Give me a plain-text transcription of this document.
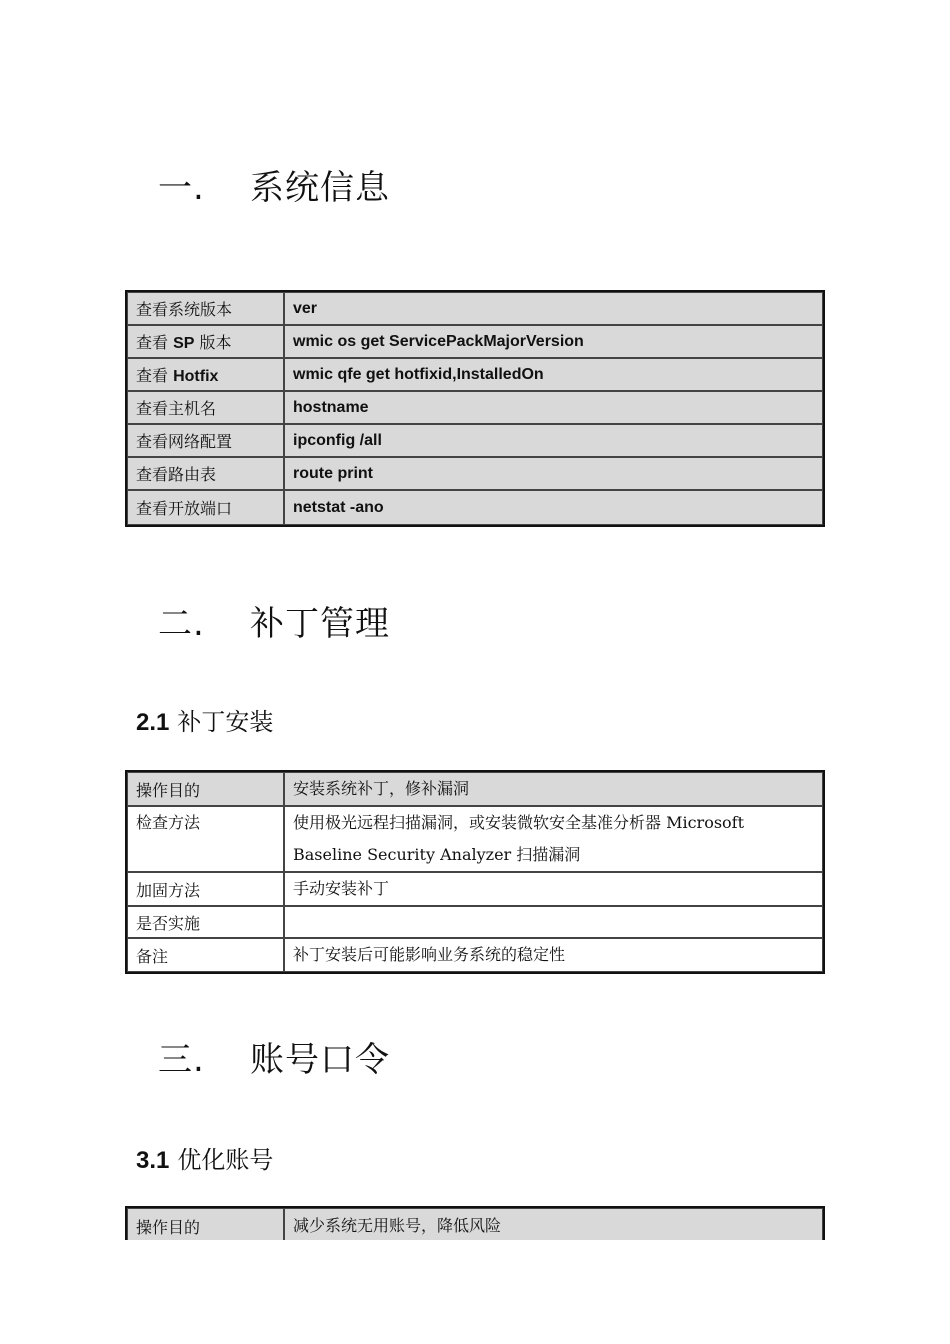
一. 系统信息
查看系统版本	ver
查看 SP 版本	wmic os get ServicePackMajorVersion
查看 Hotfix	wmic qfe get hotfixid,InstalledOn
查看主机名	hostname
查看网络配置	ipconfig /all
查看路由表	route print
查看开放端口	netstat -ano
二. 补丁管理
2.1 补丁安装
操作目的	安装系统补丁，修补漏洞
检查方法	使用极光远程扫描漏洞，或安装微软安全基准分析器 Microsoft Baseline Security Analyzer 扫描漏洞
加固方法	手动安装补丁
是否实施	
备注	补丁安装后可能影响业务系统的稳定性
三. 账号口令
3.1 优化账号
操作目的	减少系统无用账号，降低风险
